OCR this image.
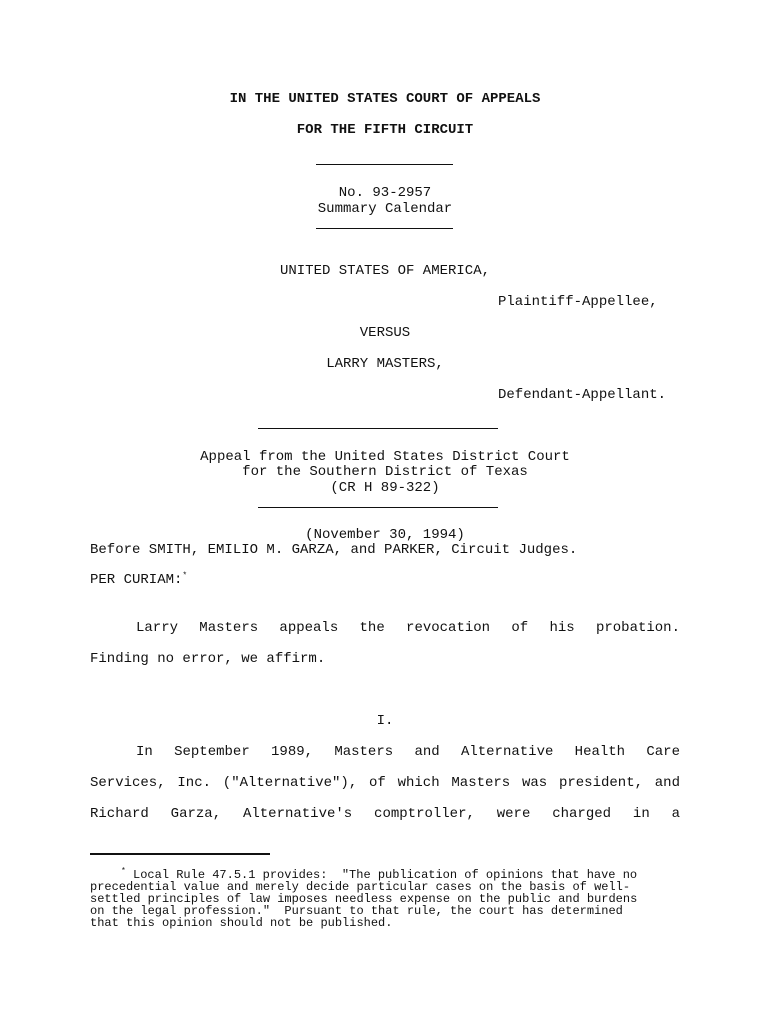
IN THE UNITED STATES COURT OF APPEALS
FOR THE FIFTH CIRCUIT
No. 93-2957
Summary Calendar
UNITED STATES OF AMERICA,
Plaintiff-Appellee,
VERSUS
LARRY MASTERS,
Defendant-Appellant.
Appeal from the United States District Court
for the Southern District of Texas
(CR H 89-322)
(November 30, 1994)
Before SMITH, EMILIO M. GARZA, and PARKER, Circuit Judges.
PER CURIAM:*
Larry Masters appeals the revocation of his probation.
Finding no error, we affirm.
I.
In September 1989, Masters and Alternative Health Care
Services, Inc. ("Alternative"), of which Masters was president, and
Richard Garza, Alternative's comptroller, were charged in a
* Local Rule 47.5.1 provides:  "The publication of opinions that have no
precedential value and merely decide particular cases on the basis of well-
settled principles of law imposes needless expense on the public and burdens
on the legal profession."  Pursuant to that rule, the court has determined
that this opinion should not be published.
